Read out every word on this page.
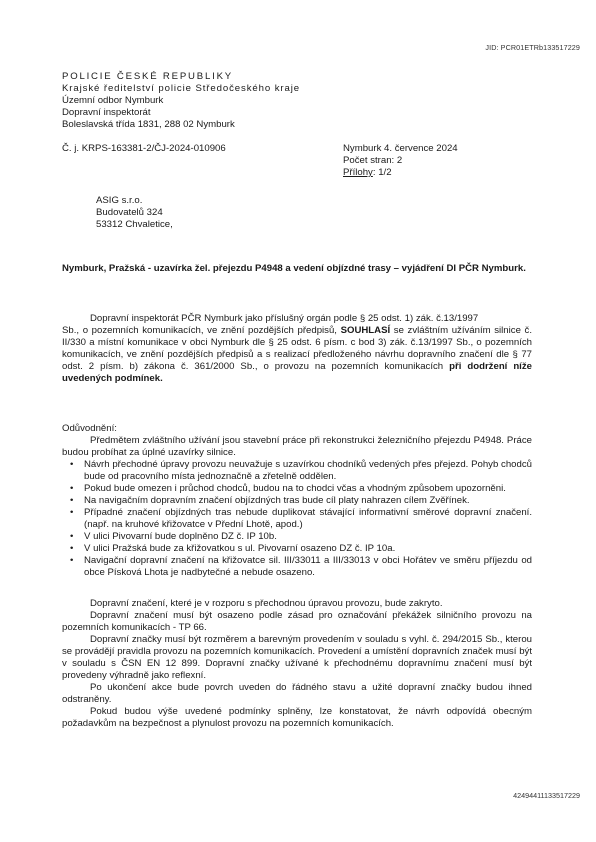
JID: PCR01ETRb133517229
POLICIE ČESKÉ REPUBLIKY
Krajské ředitelství policie Středočeského kraje
Územní odbor Nymburk
Dopravní inspektorát
Boleslavská třída 1831, 288 02 Nymburk
Č. j. KRPS-163381-2/ČJ-2024-010906	Nymburk 4. července 2024
Počet stran: 2
Přílohy: 1/2
ASIG s.r.o.
Budovatelů 324
53312 Chvaletice,
Nymburk, Pražská - uzavírka žel. přejezdu P4948 a vedení objízdné trasy – vyjádření DI PČR Nymburk.

Dopravní inspektorát PČR Nymburk jako příslušný orgán podle § 25 odst. 1) zák. č.13/1997

Sb., o pozemních komunikacích, ve znění pozdějších předpisů, SOUHLASÍ se zvláštním užíváním silnice č. II/330 a místní komunikace v obci Nymburk dle § 25 odst. 6 písm. c bod 3) zák. č.13/1997 Sb., o pozemních komunikacích, ve znění pozdějších předpisů a s realizací předloženého návrhu dopravního značení dle § 77 odst. 2 písm. b) zákona č. 361/2000 Sb., o provozu na pozemních komunikacích při dodržení níže uvedených podmínek.

Odůvodnění:

Předmětem zvláštního užívání jsou stavební práce při rekonstrukci železničního přejezdu P4948. Práce budou probíhat za úplné uzavírky silnice.

• Návrh přechodné úpravy provozu neuvažuje s uzavírkou chodníků vedených přes přejezd. Pohyb chodců bude od pracovního místa jednoznačně a zřetelně oddělen.
• Pokud bude omezen i průchod chodců, budou na to chodci včas a vhodným způsobem upozorněni.
• Na navigačním dopravním značení objízdných tras bude cíl platy nahrazen cílem Zvěřínek.
• Případné značení objízdných tras nebude duplikovat stávající informativní směrové dopravní značení. (např. na kruhové křižovatce v Přední Lhotě, apod.)
• V ulici Pivovarní bude doplněno DZ č. IP 10b.
• V ulici Pražská bude za křižovatkou s ul. Pivovarní osazeno DZ č. IP 10a.
• Navigační dopravní značení na křižovatce sil. III/33011 a III/33013 v obci Hořátev ve směru příjezdu od obce Písková Lhota je nadbytečné a nebude osazeno.

Dopravní značení, které je v rozporu s přechodnou úpravou provozu, bude zakryto.

Dopravní značení musí být osazeno podle zásad pro označování překážek silničního provozu na pozemních komunikacích - TP 66.

Dopravní značky musí být rozměrem a barevným provedením v souladu s vyhl. č. 294/2015 Sb., kterou se provádějí pravidla provozu na pozemních komunikacích. Provedení a umístění dopravních značek musí být v souladu s ČSN EN 12 899. Dopravní značky užívané k přechodnému dopravnímu značení musí být provedeny výhradně jako reflexní.

Po ukončení akce bude povrch uveden do řádného stavu a užité dopravní značky budou ihned odstraněny.

Pokud budou výše uvedené podmínky splněny, lze konstatovat, že návrh odpovídá obecným požadavkům na bezpečnost a plynulost provozu na pozemních komunikacích.

42494411133517229
